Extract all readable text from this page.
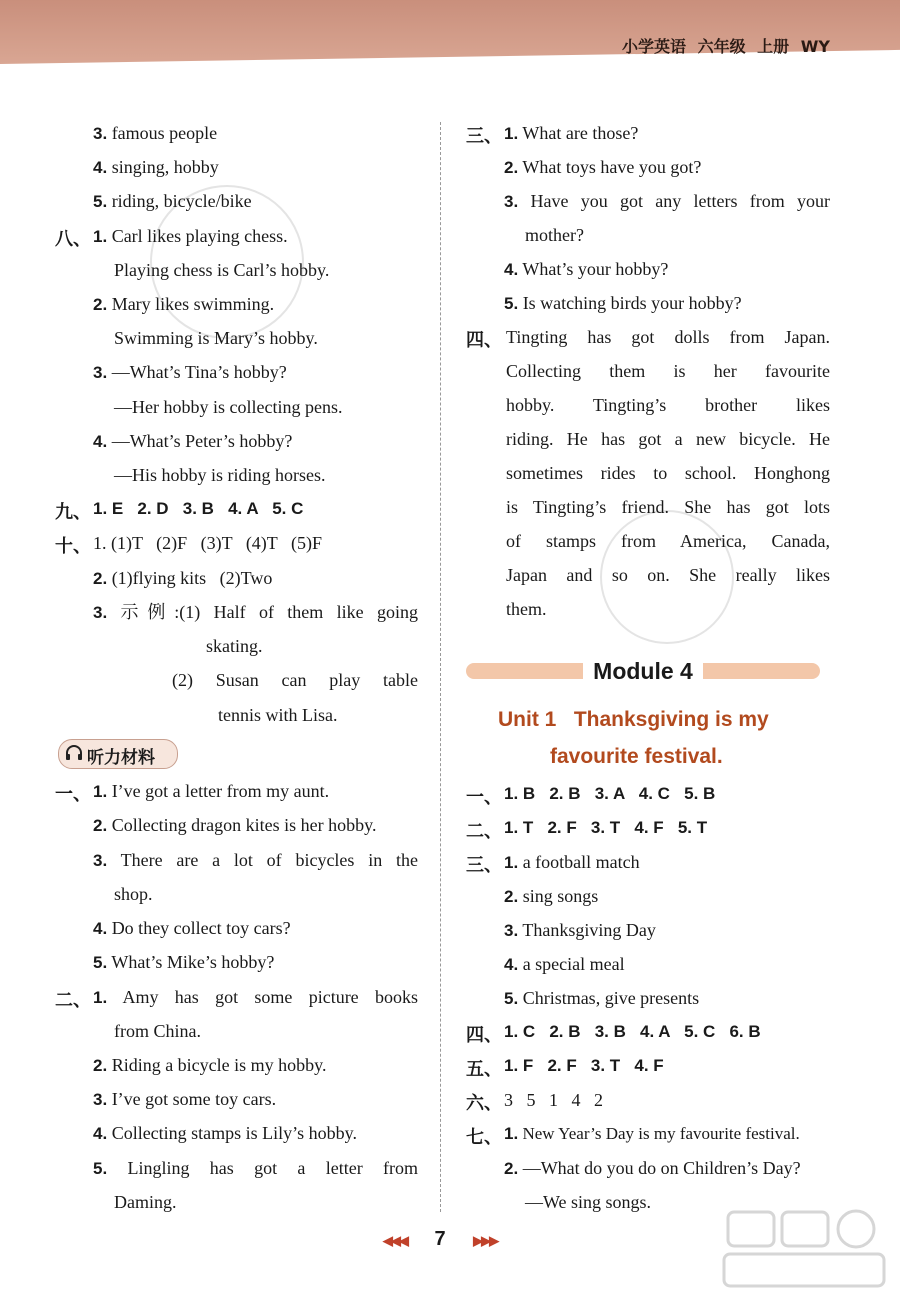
小学英语 六年级 上册 WY
3. famous people
4. singing, hobby
5. riding, bicycle/bike
八、 1. Carl likes playing chess.
Playing chess is Carl’s hobby.
2. Mary likes swimming.
Swimming is Mary’s hobby.
3. —What’s Tina’s hobby?
—Her hobby is collecting pens.
4. —What’s Peter’s hobby?
—His hobby is riding horses.
九、 1. E   2. D   3. B   4. A   5. C
十、 1. (1)T   (2)F   (3)T   (4)T   (5)F
2. (1)flying kits   (2)Two
3. 示例:(1) Half of them like going
skating.
(2) Susan can play table
tennis with Lisa.
听力材料
一、 1. I’ve got a letter from my aunt.
2. Collecting dragon kites is her hobby.
3. There are a lot of bicycles in the
shop.
4. Do they collect toy cars?
5. What’s Mike’s hobby?
二、 1. Amy has got some picture books
from China.
2. Riding a bicycle is my hobby.
3. I’ve got some toy cars.
4. Collecting stamps is Lily’s hobby.
5. Lingling has got a letter from
Daming.
三、 1. What are those?
2. What toys have you got?
3. Have you got any letters from your
mother?
4. What’s your hobby?
5. Is watching birds your hobby?
四、 Tingting has got dolls from Japan.
Collecting them is her favourite
hobby. Tingting’s brother likes
riding. He has got a new bicycle. He
sometimes rides to school. Honghong
is Tingting’s friend. She has got lots
of stamps from America, Canada,
Japan and so on. She really likes
them.
Module 4
Unit 1   Thanksgiving is my
favourite festival.
一、 1. B   2. B   3. A   4. C   5. B
二、 1. T   2. F   3. T   4. F   5. T
三、 1. a football match
2. sing songs
3. Thanksgiving Day
4. a special meal
5. Christmas, give presents
四、 1. C   2. B   3. B   4. A   5. C   6. B
五、 1. F   2. F   3. T   4. F
六、 3   5   1   4   2
七、 1. New Year’s Day is my favourite festival.
2. —What do you do on Children’s Day?
—We sing songs.
◀◀◀ 7 ▶▶▶
